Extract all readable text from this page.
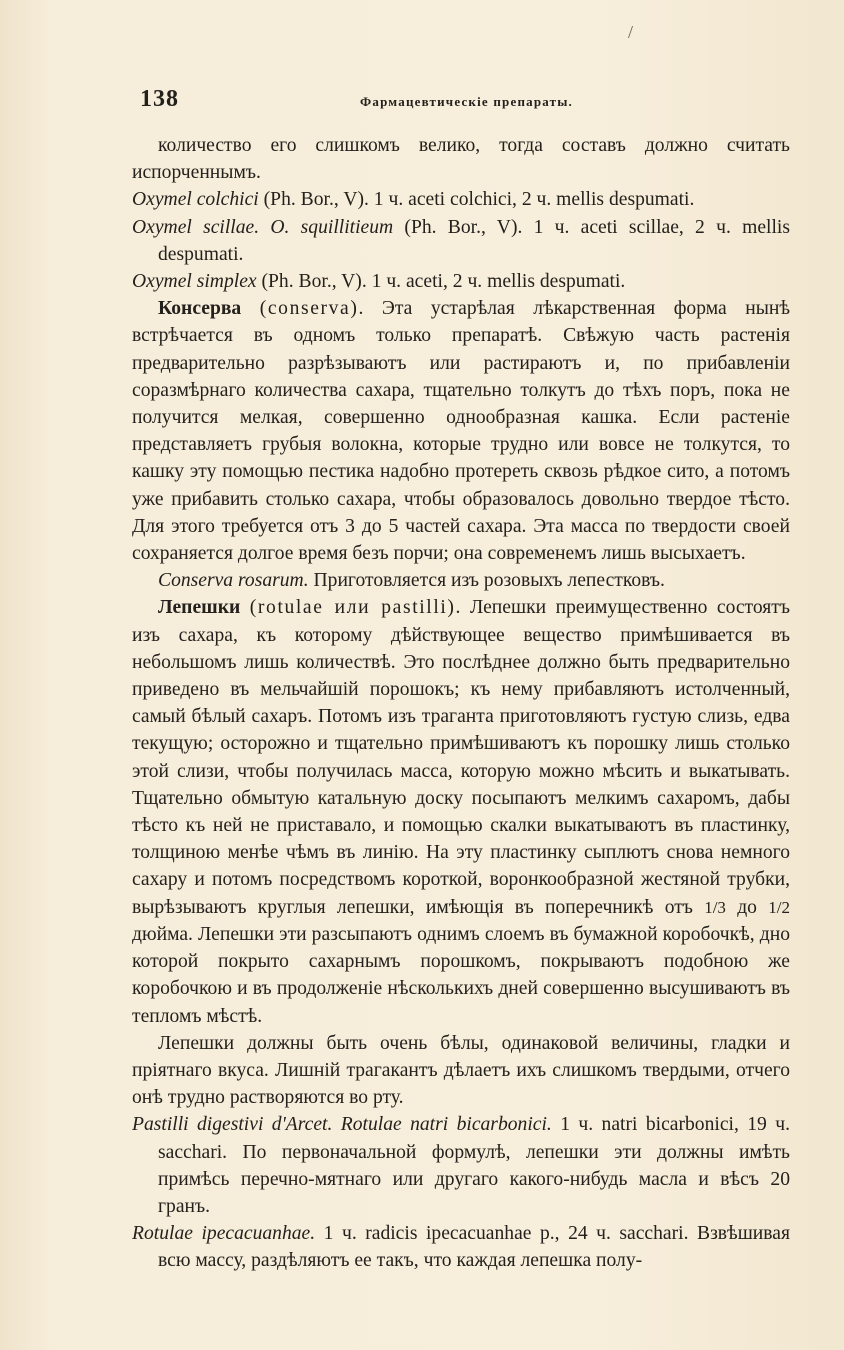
/
138	Фармацевтическіе препараты.

количество его слишкомъ велико, тогда составъ должно считать испорченнымъ.

Oxymel colchici (Ph. Bor., V). 1 ч. aceti colchici, 2 ч. mellis despumati.

Oxymel scillae. O. squillitieum (Ph. Bor., V). 1 ч. aceti scillae, 2 ч. mellis despumati.

Oxymel simplex (Ph. Bor., V). 1 ч. aceti, 2 ч. mellis despumati.

Консерва (conserva). Эта устарѣлая лѣкарственная форма нынѣ встрѣчается въ одномъ только препаратѣ. Свѣжую часть растенія предварительно разрѣзываютъ или растираютъ и, по прибавленіи соразмѣрнаго количества сахара, тщательно толкутъ до тѣхъ поръ, пока не получится мелкая, совершенно однообразная кашка. Если растеніе представляетъ грубыя волокна, которые трудно или вовсе не толкутся, то кашку эту помощью пестика надобно протереть сквозь рѣдкое сито, а потомъ уже прибавить столько сахара, чтобы образовалось довольно твердое тѣсто. Для этого требуется отъ 3 до 5 частей сахара. Эта масса по твердости своей сохраняется долгое время безъ порчи; она современемъ лишь высыхаетъ.

Conserva rosarum. Приготовляется изъ розовыхъ лепестковъ.

Лепешки (rotulae или pastilli). Лепешки преимущественно состоятъ изъ сахара, къ которому дѣйствующее вещество примѣшивается въ небольшомъ лишь количествѣ. Это послѣднее должно быть предварительно приведено въ мельчайшій порошокъ; къ нему прибавляютъ истолченный, самый бѣлый сахаръ. Потомъ изъ траганта приготовляютъ густую слизь, едва текущую; осторожно и тщательно примѣшиваютъ къ порошку лишь столько этой слизи, чтобы получилась масса, которую можно мѣсить и выкатывать. Тщательно обмытую катальную доску посыпаютъ мелкимъ сахаромъ, дабы тѣсто къ ней не приставало, и помощью скалки выкатываютъ въ пластинку, толщиною менѣе чѣмъ въ линію. На эту пластинку сыплютъ снова немного сахару и потомъ посредствомъ короткой, воронкообразной жестяной трубки, вырѣзываютъ круглыя лепешки, имѣющія въ поперечникѣ отъ 1/3 до 1/2 дюйма. Лепешки эти разсыпаютъ однимъ слоемъ въ бумажной коробочкѣ, дно которой покрыто сахарнымъ порошкомъ, покрываютъ подобною же коробочкою и въ продолженіе нѣсколькихъ дней совершенно высушиваютъ въ тепломъ мѣстѣ.

Лепешки должны быть очень бѣлы, одинаковой величины, гладки и пріятнаго вкуса. Лишній трагакантъ дѣлаетъ ихъ слишкомъ твердыми, отчего онѣ трудно растворяются во рту.

Pastilli digestivi d'Arcet. Rotulae natri bicarbonici. 1 ч. natri bicarbonici, 19 ч. sacchari. По первоначальной формулѣ, лепешки эти должны имѣть примѣсь перечно-мятнаго или другаго какого-нибудь масла и вѣсъ 20 гранъ.

Rotulae ipecacuanhae. 1 ч. radicis ipecacuanhae p., 24 ч. sacchari. Взвѣшивая всю массу, раздѣляютъ ее такъ, что каждая лепешка полу-
